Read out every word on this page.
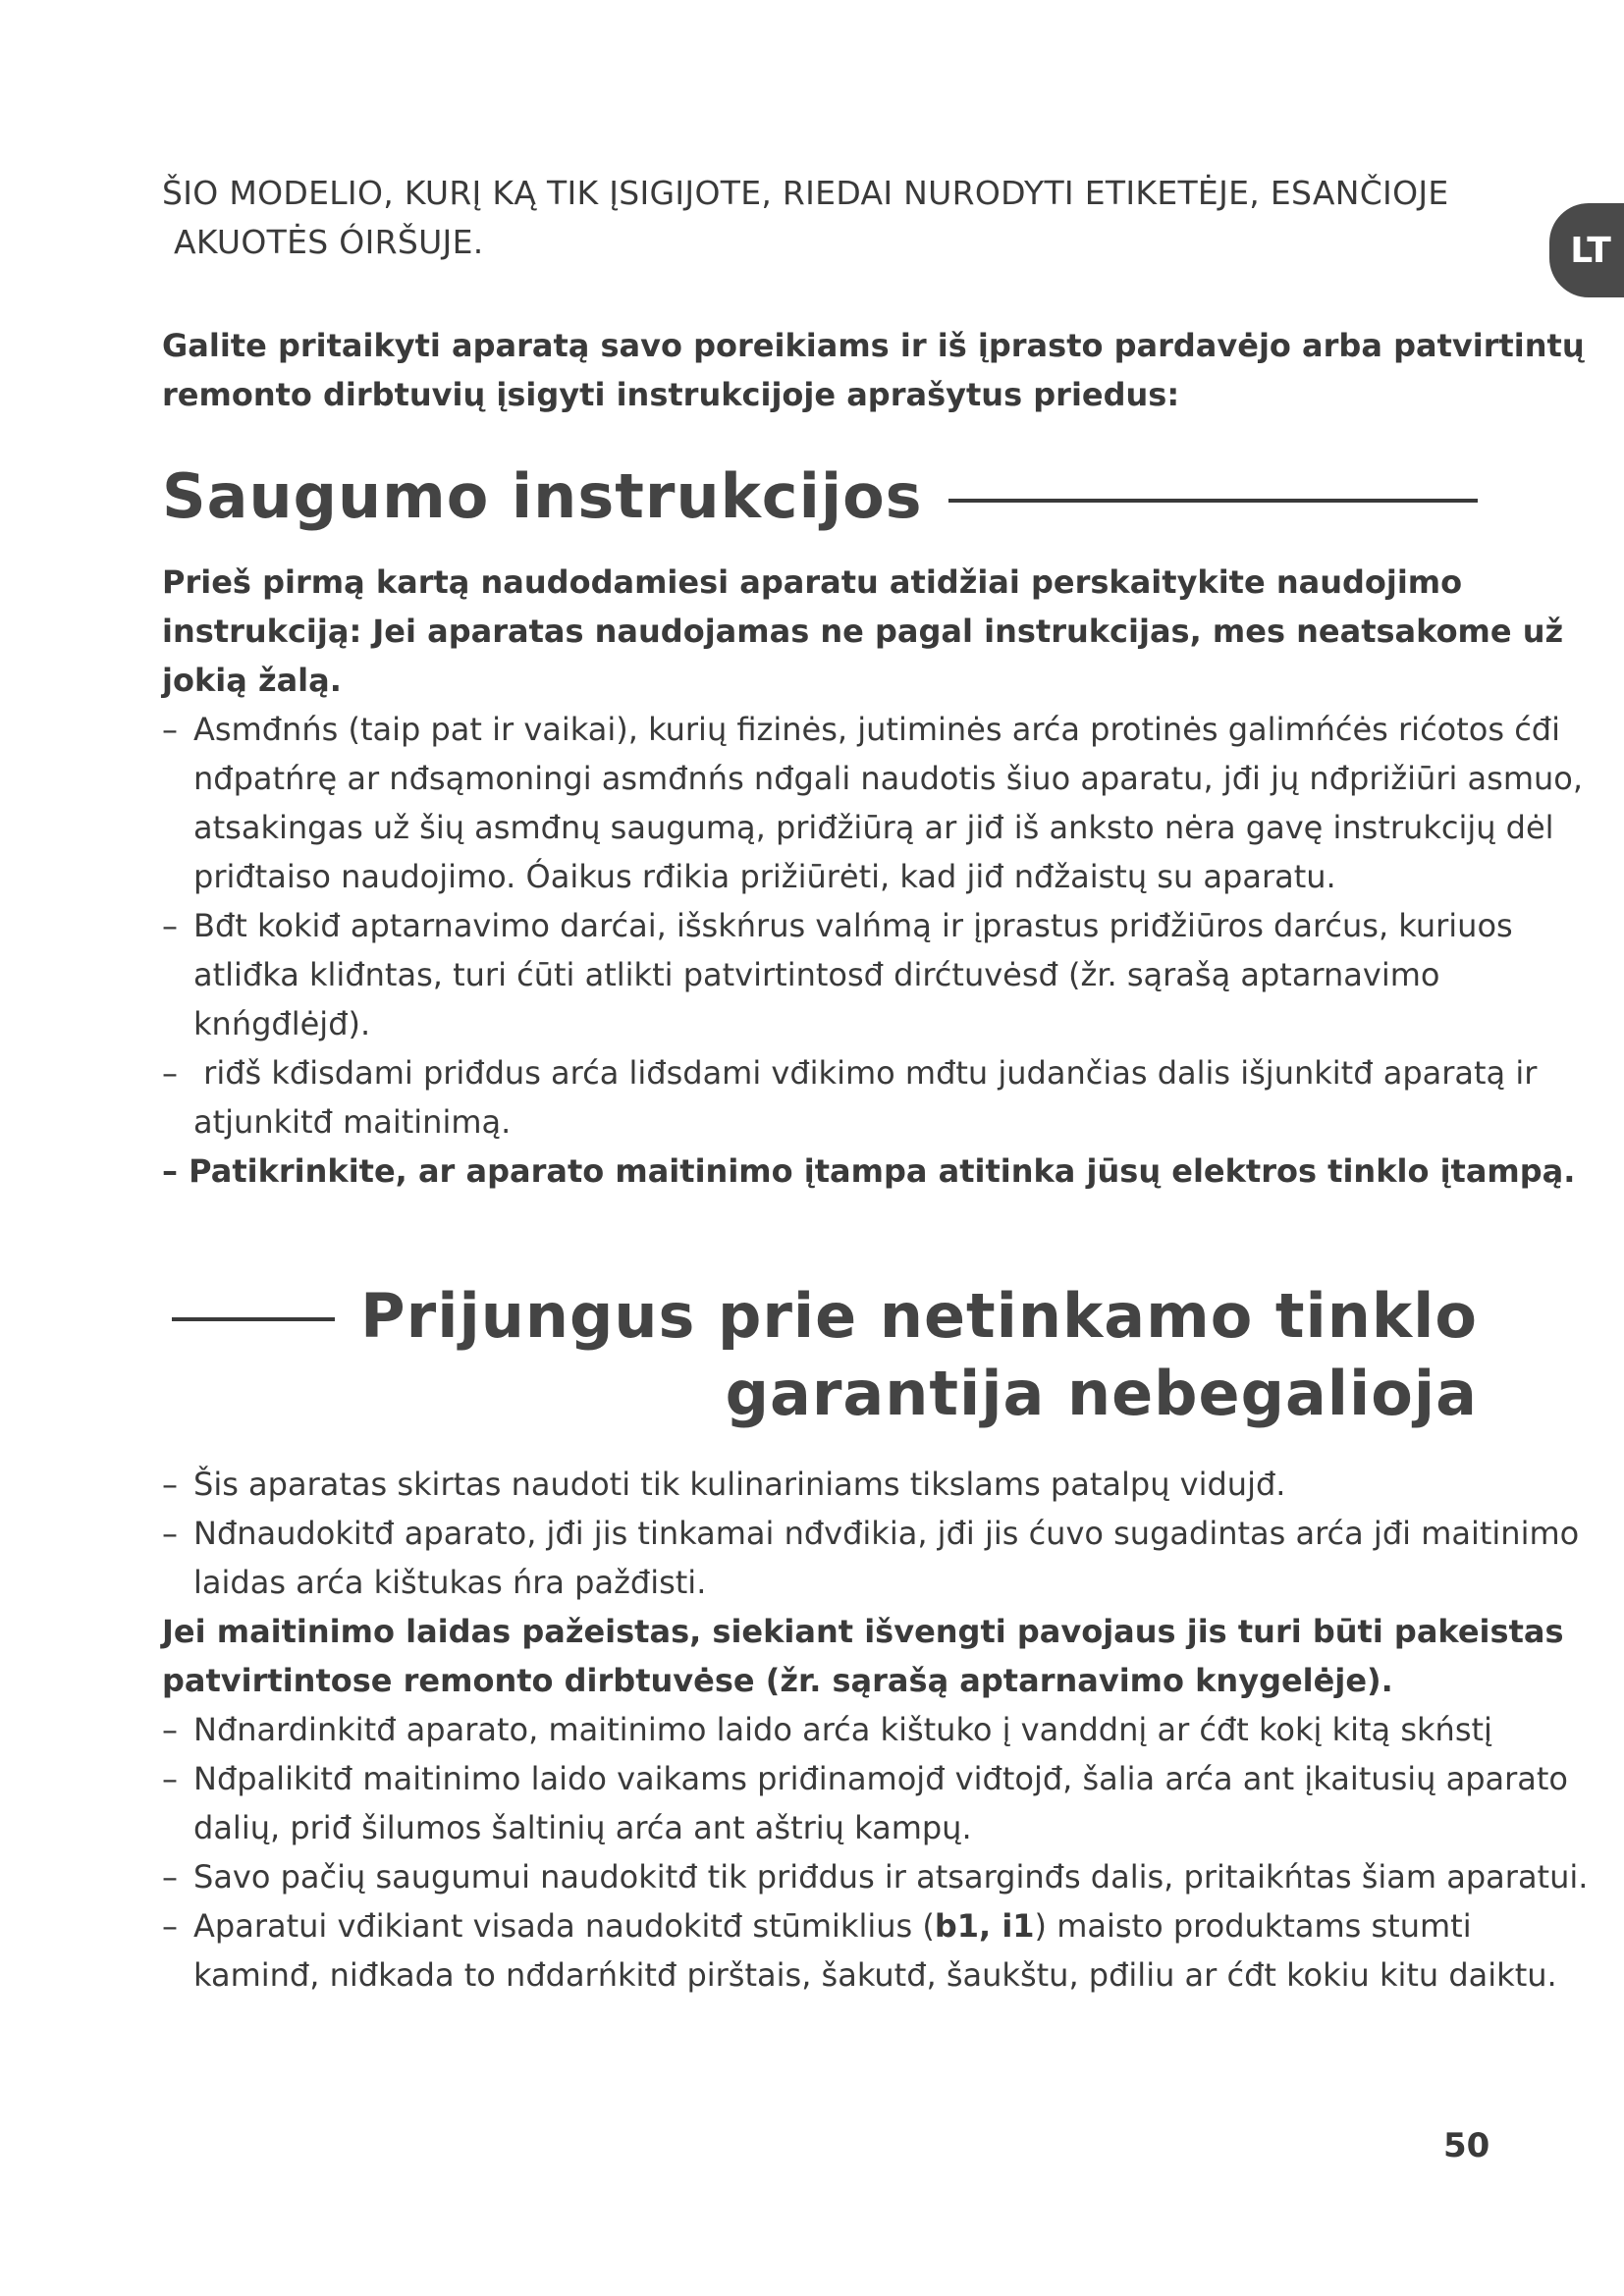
ŠIO MODELIO, KURĮ KĄ TIK ĮSIGIJOTE, RIEDAI NURODYTI ETIKETĖJE, ESANČIOJE
AKUOTĖS ÓIRŠUJE.	LT
Galite pritaikyti aparatą savo poreikiams ir iš įprasto pardavėjo arba patvirtintų remonto dirbtuvių įsigyti instrukcijoje aprašytus priedus:
Saugumo instrukcijos

Prieš pirmą kartą naudodamiesi aparatu atidžiai perskaitykite naudojimo instrukciją: Jei aparatas naudojamas ne pagal instrukcijas, mes neatsakome už jokią žalą.

– Asmđnńs (taip pat ir vaikai), kurių fizinės, jutiminės arća protinės galimńćės rićotos ćđi nđpatńrę ar nđsąmoningi asmđnńs nđgali naudotis šiuo aparatu, jđi jų nđprižiūri asmuo, atsakingas už šių asmđnų saugumą, priđžiūrą ar jiđ iš anksto nėra gavę instrukcijų dėl priđtaiso naudojimo. Óaikus rđikia prižiūrėti, kad jiđ nđžaistų su aparatu.

– Bđt kokiđ aptarnavimo darćai, išskńrus valńmą ir įprastus priđžiūros darćus, kuriuos atliđka kliđntas, turi ćūti atlikti patvirtintosđ dirćtuvėsđ (žr. sąrašą aptarnavimo knńgđlėjđ).

– riđš kđisdami priđdus arća liđsdami vđikimo mđtu judančias dalis išjunkitđ aparatą ir atjunkitđ maitinimą.

– Patikrinkite, ar aparato maitinimo įtampa atitinka jūsų elektros tinklo įtampą.

Prijungus prie netinkamo tinklo
garantija nebegalioja

– Šis aparatas skirtas naudoti tik kulinariniams tikslams patalpų vidujđ.

– Nđnaudokitđ aparato, jđi jis tinkamai nđvđikia, jđi jis ćuvo sugadintas arća jđi maitinimo laidas arća kištukas ńra pažđisti.

Jei maitinimo laidas pažeistas, siekiant išvengti pavojaus jis turi būti pakeistas patvirtintose remonto dirbtuvėse (žr. sąrašą aptarnavimo knygelėje).

– Nđnardinkitđ aparato, maitinimo laido arća kištuko į vanddnį ar ćđt kokį kitą skństį

– Nđpalikitđ maitinimo laido vaikams priđinamojđ viđtojđ, šalia arća ant įkaitusių aparato dalių, priđ šilumos šaltinių arća ant aštrių kampų.

– Savo pačių saugumui naudokitđ tik priđdus ir atsarginđs dalis, pritaikńtas šiam aparatui.

– Aparatui vđikiant visada naudokitđ stūmiklius (b1, i1) maisto produktams stumti kaminđ, niđkada to nđdarńkitđ pirštais, šakutđ, šaukštu, pđiliu ar ćđt kokiu kitu daiktu.

50
